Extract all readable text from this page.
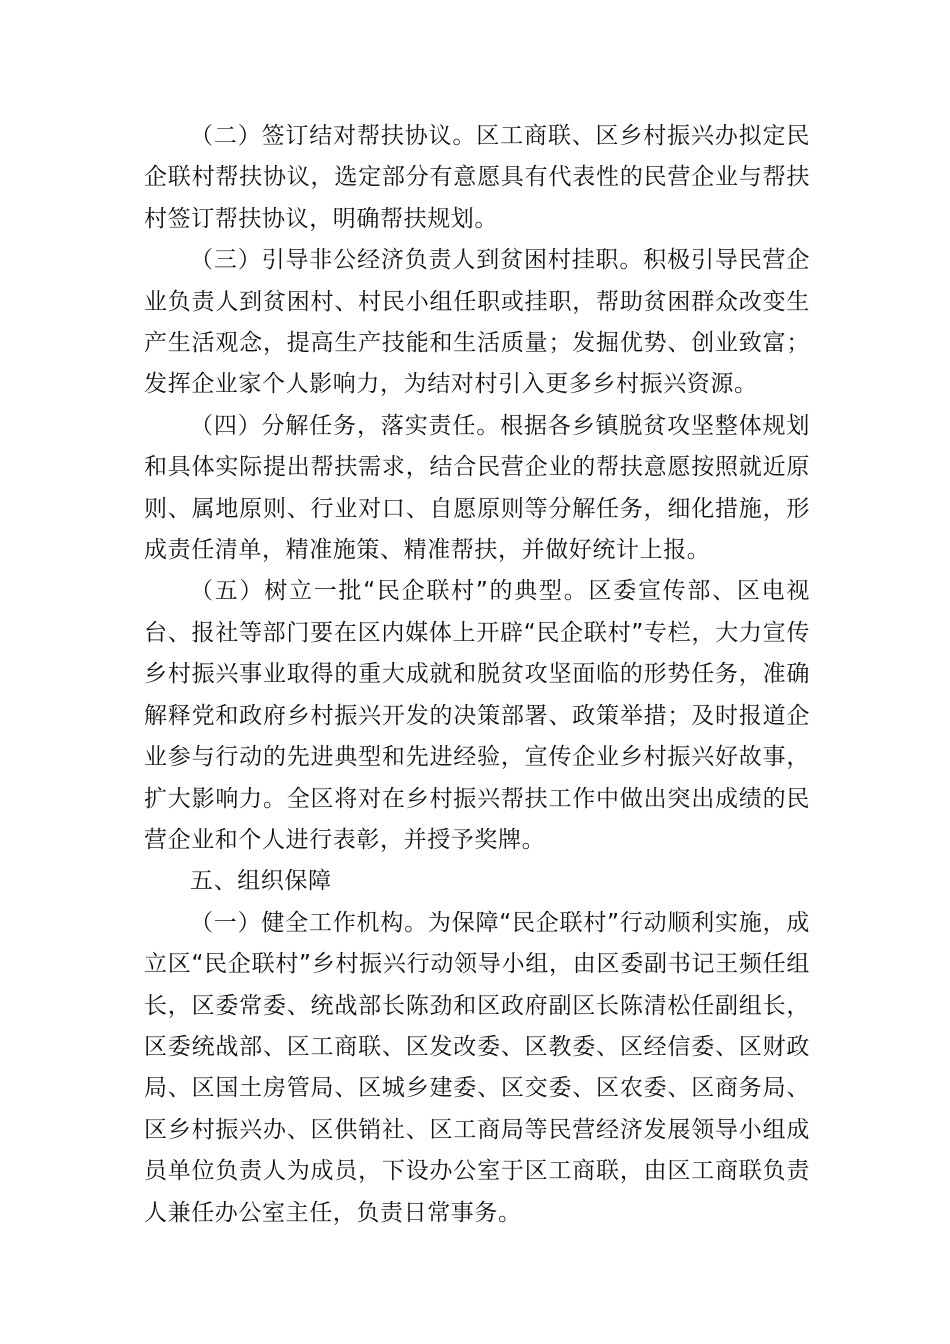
（二）签订结对帮扶协议。区工商联、区乡村振兴办拟定民企联村帮扶协议，选定部分有意愿具有代表性的民营企业与帮扶村签订帮扶协议，明确帮扶规划。

（三）引导非公经济负责人到贫困村挂职。积极引导民营企业负责人到贫困村、村民小组任职或挂职，帮助贫困群众改变生产生活观念，提高生产技能和生活质量；发掘优势、创业致富；发挥企业家个人影响力，为结对村引入更多乡村振兴资源。

（四）分解任务，落实责任。根据各乡镇脱贫攻坚整体规划和具体实际提出帮扶需求，结合民营企业的帮扶意愿按照就近原则、属地原则、行业对口、自愿原则等分解任务，细化措施，形成责任清单，精准施策、精准帮扶，并做好统计上报。

（五）树立一批“民企联村”的典型。区委宣传部、区电视台、报社等部门要在区内媒体上开辟“民企联村”专栏，大力宣传乡村振兴事业取得的重大成就和脱贫攻坚面临的形势任务，准确解释党和政府乡村振兴开发的决策部署、政策举措；及时报道企业参与行动的先进典型和先进经验，宣传企业乡村振兴好故事，扩大影响力。全区将对在乡村振兴帮扶工作中做出突出成绩的民营企业和个人进行表彰，并授予奖牌。

五、组织保障

（一）健全工作机构。为保障“民企联村”行动顺利实施，成立区“民企联村”乡村振兴行动领导小组，由区委副书记王频任组长，区委常委、统战部长陈劲和区政府副区长陈清松任副组长，区委统战部、区工商联、区发改委、区教委、区经信委、区财政局、区国土房管局、区城乡建委、区交委、区农委、区商务局、区乡村振兴办、区供销社、区工商局等民营经济发展领导小组成员单位负责人为成员，下设办公室于区工商联，由区工商联负责人兼任办公室主任，负责日常事务。
